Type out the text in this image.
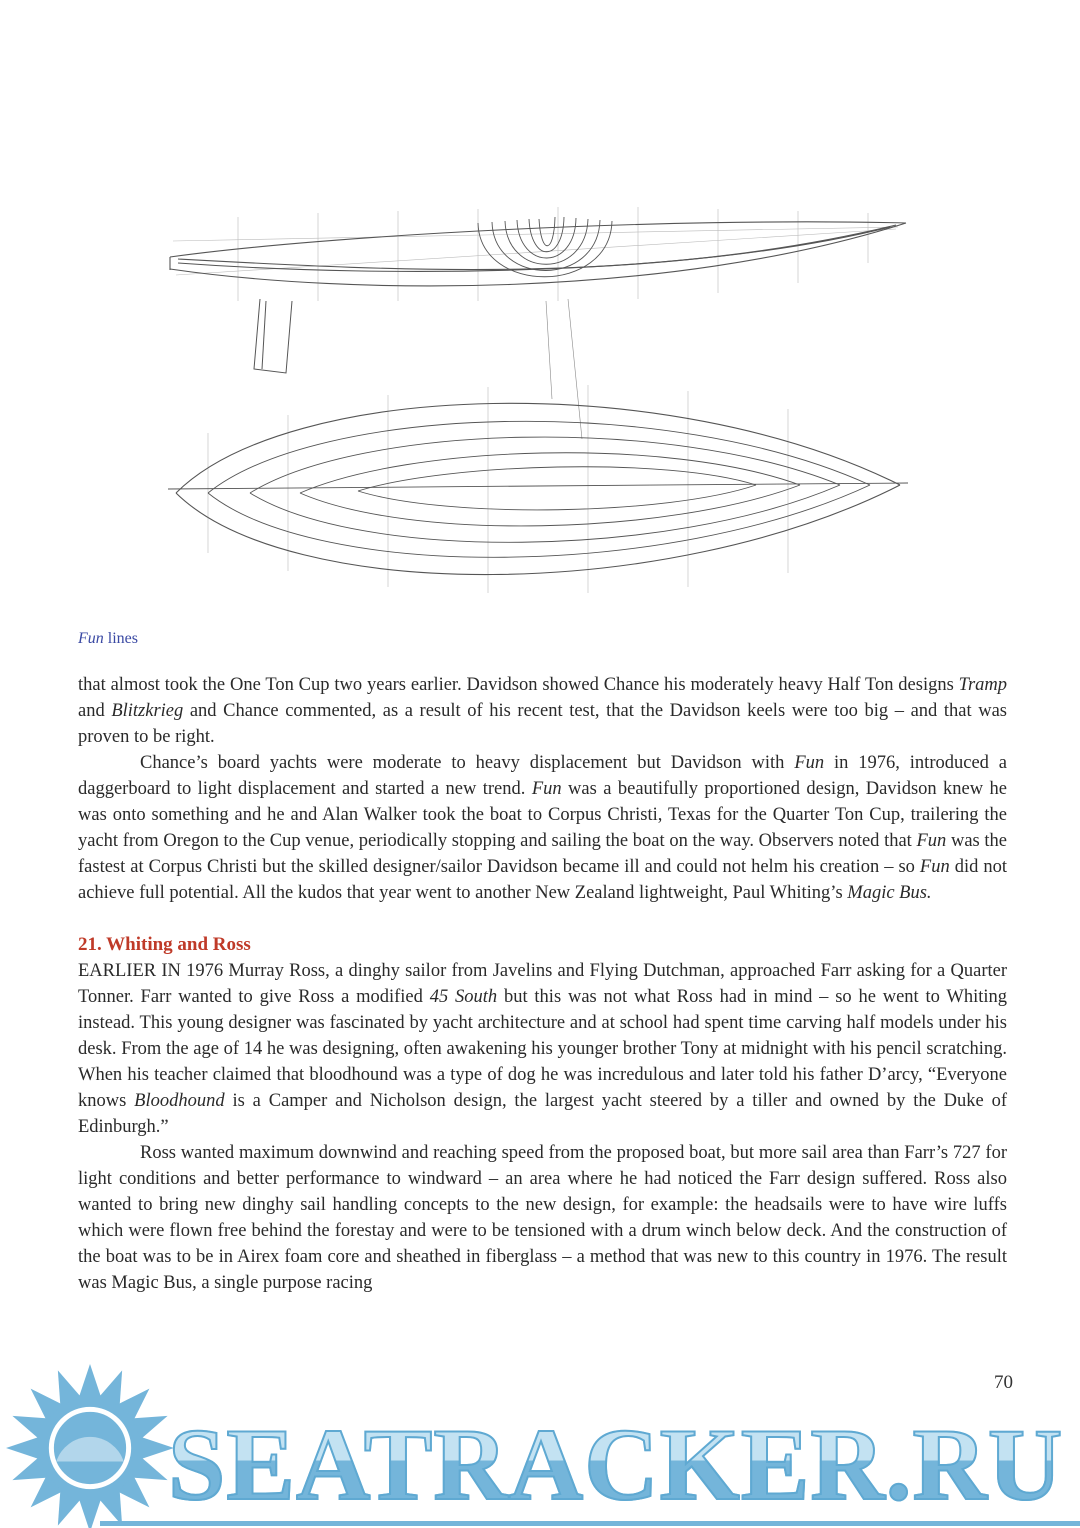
Fun lines

that almost took the One Ton Cup two years earlier. Davidson showed Chance his moderately heavy Half Ton designs Tramp and Blitzkrieg and Chance commented, as a result of his recent test, that the Davidson keels were too big – and that was proven to be right.

Chance’s board yachts were moderate to heavy displacement but Davidson with Fun in 1976, introduced a daggerboard to light displacement and started a new trend. Fun was a beautifully proportioned design, Davidson knew he was onto something and he and Alan Walker took the boat to Corpus Christi, Texas for the Quarter Ton Cup, trailering the yacht from Oregon to the Cup venue, periodically stopping and sailing the boat on the way. Observers noted that Fun was the fastest at Corpus Christi but the skilled designer/sailor Davidson became ill and could not helm his creation – so Fun did not achieve full potential. All the kudos that year went to another New Zealand lightweight, Paul Whiting’s Magic Bus.

21. Whiting and Ross

EARLIER IN 1976 Murray Ross, a dinghy sailor from Javelins and Flying Dutchman, approached Farr asking for a Quarter Tonner. Farr wanted to give Ross a modified 45 South but this was not what Ross had in mind – so he went to Whiting instead. This young designer was fascinated by yacht architecture and at school had spent time carving half models under his desk. From the age of 14 he was designing, often awakening his younger brother Tony at midnight with his pencil scratching. When his teacher claimed that bloodhound was a type of dog he was incredulous and later told his father D’arcy, “Everyone knows Bloodhound is a Camper and Nicholson design, the largest yacht steered by a tiller and owned by the Duke of Edinburgh.”

Ross wanted maximum downwind and reaching speed from the proposed boat, but more sail area than Farr’s 727 for light conditions and better performance to windward – an area where he had noticed the Farr design suffered. Ross also wanted to bring new dinghy sail handling concepts to the new design, for example: the headsails were to have wire luffs which were flown free behind the forestay and were to be tensioned with a drum winch below deck. And the construction of the boat was to be in Airex foam core and sheathed in fiberglass – a method that was new to this country in 1976. The result was Magic Bus, a single purpose racing

70
SEATRACKER.RU
